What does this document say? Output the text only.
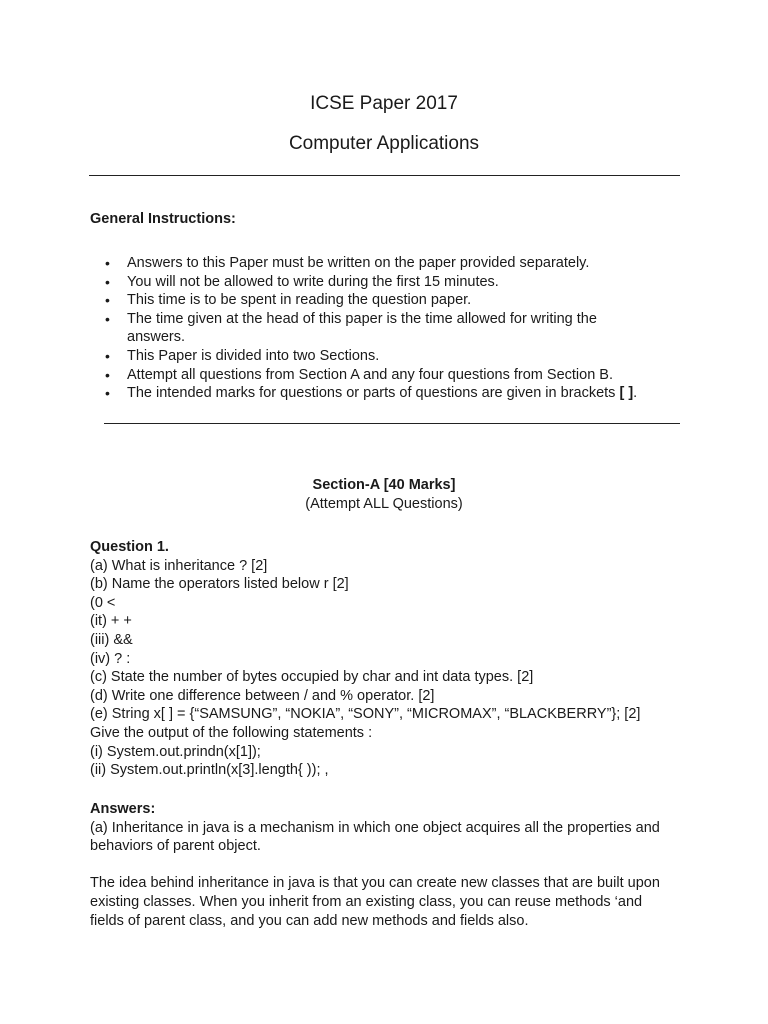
ICSE Paper 2017
Computer Applications
General Instructions:
• Answers to this Paper must be written on the paper provided separately.
• You will not be allowed to write during the first 15 minutes.
• This time is to be spent in reading the question paper.
• The time given at the head of this paper is the time allowed for writing the answers.
• This Paper is divided into two Sections.
• Attempt all questions from Section A and any four questions from Section B.
• The intended marks for questions or parts of questions are given in brackets [ ].
Section-A [40 Marks]
(Attempt ALL Questions)
Question 1.
(a) What is inheritance ? [2]
(b) Name the operators listed below r [2]
(0 <
(it) + +
(iii) &&
(iv) ? :
(c) State the number of bytes occupied by char and int data types. [2]
(d) Write one difference between / and % operator. [2]
(e) String x[ ] = {“SAMSUNG”, “NOKIA”, “SONY”, “MICROMAX”, “BLACKBERRY”}; [2]
Give the output of the following statements :
(i) System.out.prindn(x[1]);
(ii) System.out.println(x[3].length{ )); ,
Answers:
(a) Inheritance in java is a mechanism in which one object acquires all the properties and behaviors of parent object.
The idea behind inheritance in java is that you can create new classes that are built upon existing classes. When you inherit from an existing class, you can reuse methods ‘and fields of parent class, and you can add new methods and fields also.
